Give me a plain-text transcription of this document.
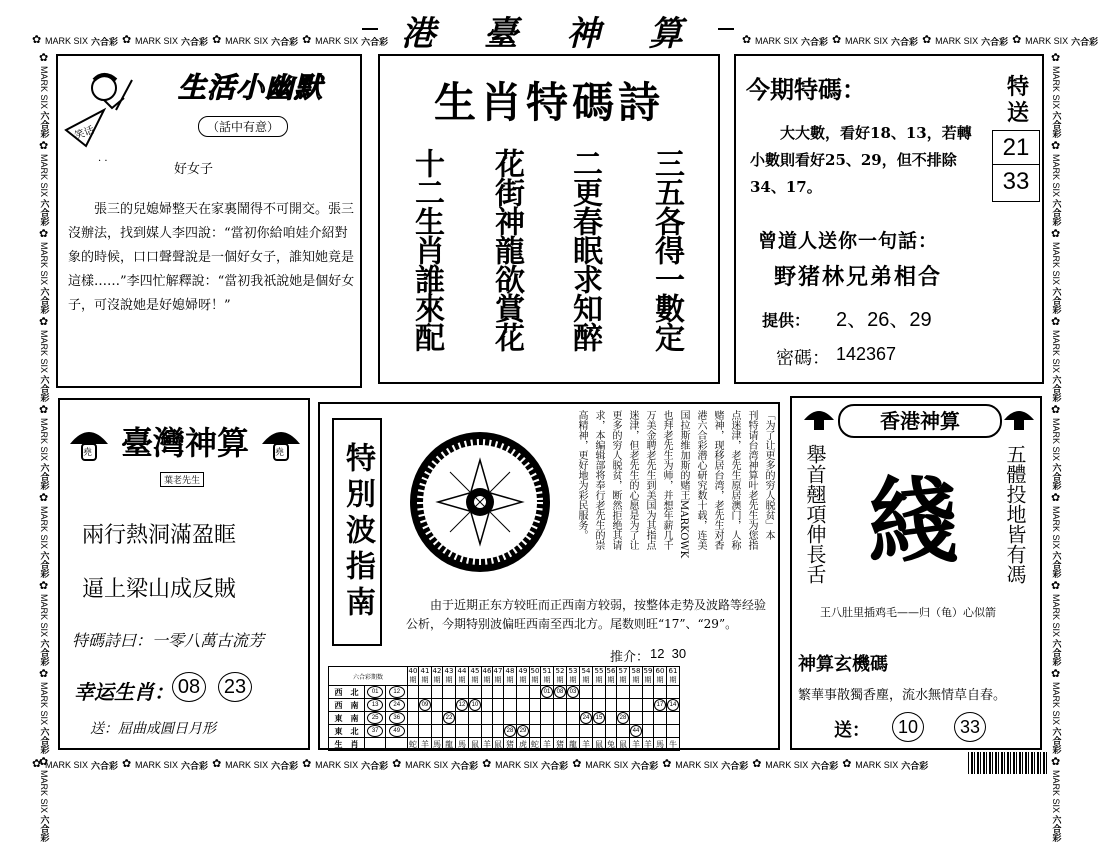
✿
MARK SIX 六合彩 ✿ MARK SIX 六合彩 ✿ MARK SIX 六合彩 ✿ MARK SIX 六合彩 ✿	MARK SIX 六合彩 ✿ MARK SIX 六合彩 ✿ MARK SIX 六合彩 ✿ MARK SIX 六合彩
✿
MARK SIX 六合彩 ✿ MARK SIX 六合彩 ✿ MARK SIX 六合彩 ✿ MARK SIX 六合彩 ✿ MARK SIX 六合彩 ✿ MARK SIX 六合彩 ✿ MARK SIX 六合彩 ✿ MARK SIX 六合彩 ✿ MARK SIX 六合彩 ✿ MARK SIX 六合彩
✿
MARK SIX
六合彩
✿
MARK SIX
六合彩
✿
MARK SIX
六合彩
✿
MARK SIX
六合彩
✿
MARK SIX
六合彩
✿
MARK SIX
六合彩
✿
MARK SIX
六合彩
✿
MARK SIX
六合彩
✿
MARK SIX
六合彩
✿
MARK SIX
六合彩
✿
MARK SIX
六合彩
✿
MARK SIX
六合彩
✿
MARK SIX
六合彩
✿
MARK SIX
六合彩
✿
MARK SIX
六合彩
✿
MARK SIX
六合彩
✿
MARK SIX
六合彩
✿
MARK SIX
六合彩
港 臺 神 算
笑话
生活小幽默
（話中有意）
· ·
好女子
張三的兒媳婦整天在家裏鬧得不可開交。張三沒辦法，找到媒人李四說：“當初你給咱娃介紹對象的時候，口口聲聲說是一個好女子，誰知她竟是這樣……”李四忙解釋說：“當初我祇說她是個好女子，可沒說她是好媳婦呀！”
生肖特碼詩
三五各得一數定
二更春眠求知醉
花街神龍欲賞花
十二生肖誰來配
今期特碼：
大大數，看好18、13，若轉小數則看好25、29，但不排除34、17。
特送
21
33
曾道人送你一句話：
野猪林兄弟相合
提供： 2、26、29
密碼： 142367
堯 臺灣神算	堯
葉老先生
兩行熱洞滿盈眶
逼上梁山成反賊
特碼詩曰：一零八萬古流芳
幸运生肖： 08 23
送：屈曲成圓日月形
特別波指南	「为了让更多的穷人脱贫」本
刊特请台湾神算叶老先生为您指
点迷津，老先生原居澳门，人称
赌神，现移居台湾，老先生对香
港六合彩潜心研究数十载，连美
国拉斯维加斯的赌王MARKOWK
也拜老先生为师，并想年薪几千
万美金聘老先生到美国为其指点
迷津，但老先生的心愿是为了让
更多的穷人脱贫，断然拒绝其请
求，本编辑部将奉行老先生的崇
高精神，更好地为彩民服务。
由于近期正东方较旺而正西南方较弱，按整体走势及波路等经验公析，今期特别波偏旺西南至西北方。尾数则旺“17”、“29”。
推介： 12  30
六合彩期数			40期	41期	42期	43期	44期	45期	46期	47期	48期	49期	50期	51期	52期	53期	54期	55期	56期	57期	58期	59期	60期	61期
西　北	01	12												01	08	03								
西　南	13	24		09			12	10															17	14
東　南	25	36				22											24	15		28				
東　北	37	49									28	29									44			
生　肖			蛇	羊	馬	龍	馬	鼠	羊	鼠	猪	虎	蛇	羊	猪	龍	羊	鼠	兔	鼠	羊	羊	馬	牛
香港神算
舉首翹項伸長舌 綫 五體投地皆有馮
王八肚里插鸡毛——归（龟）心似箭
神算玄機碼
繁華事散獨香塵，流水無情草自春。
送：	10	33
